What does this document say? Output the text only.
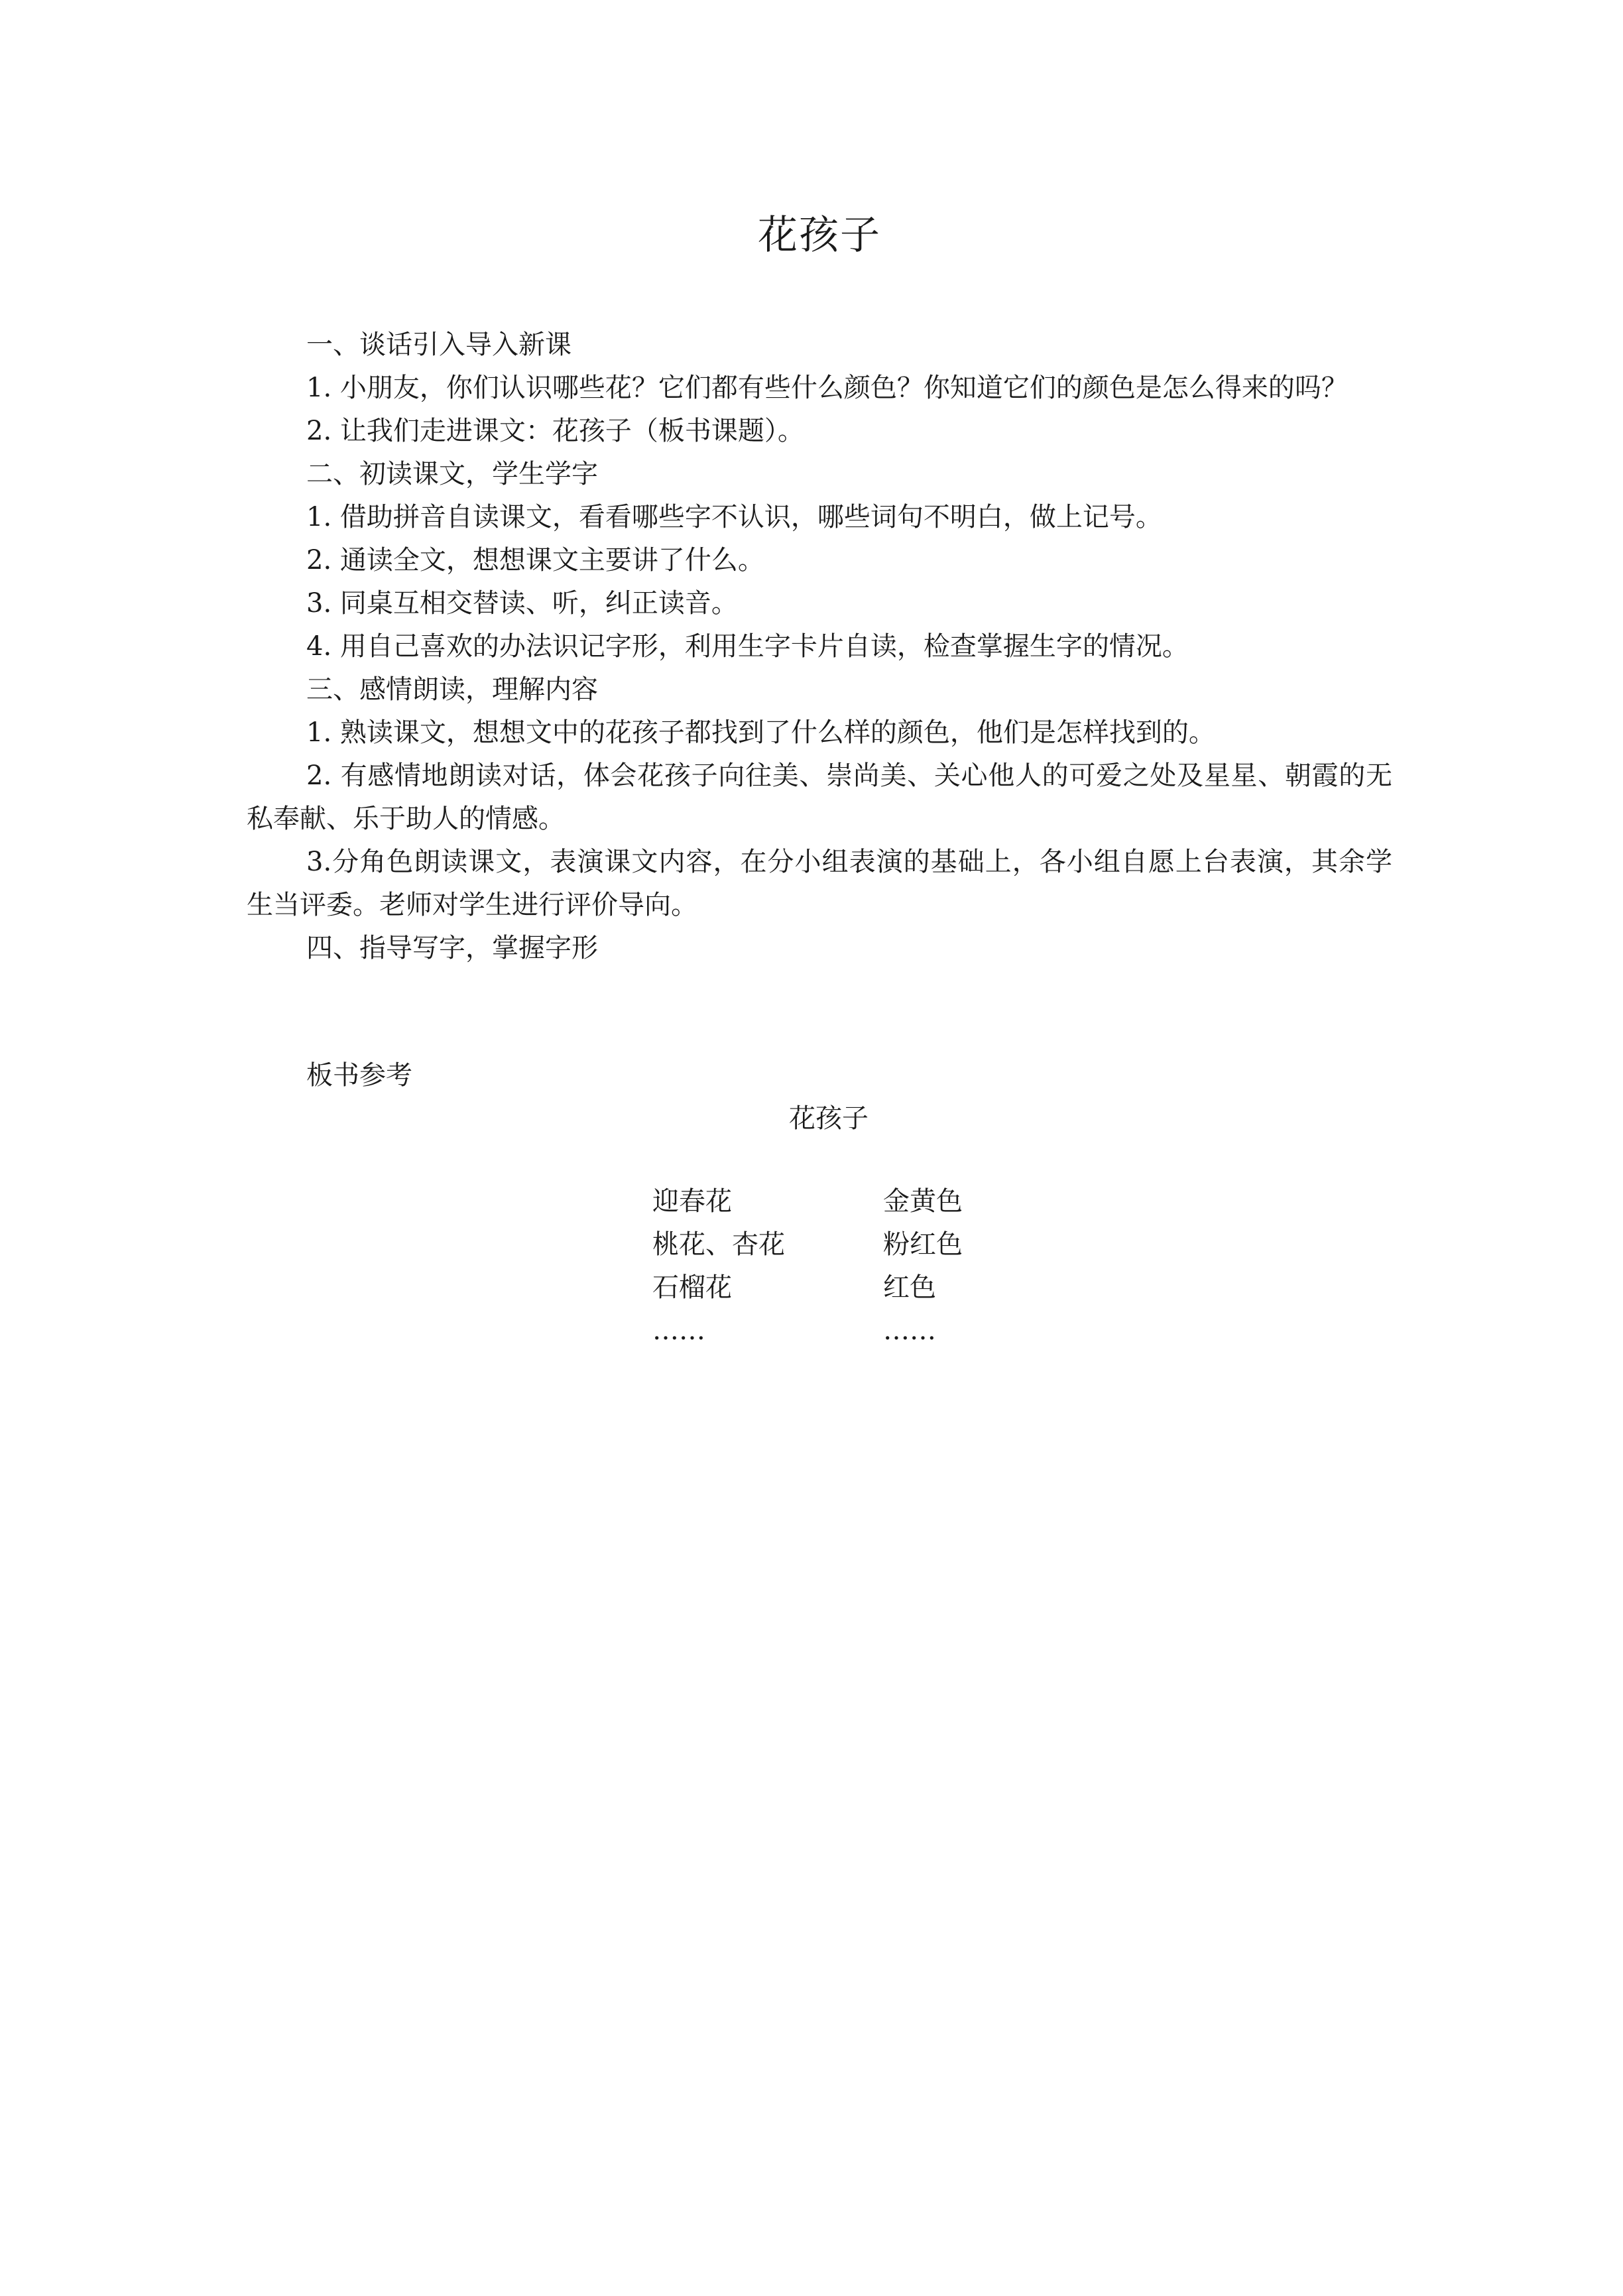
花孩子

一、谈话引入导入新课

1. 小朋友，你们认识哪些花？它们都有些什么颜色？你知道它们的颜色是怎么得来的吗？

2. 让我们走进课文：花孩子（板书课题）。

二、初读课文，学生学字

1. 借助拼音自读课文，看看哪些字不认识，哪些词句不明白，做上记号。

2. 通读全文，想想课文主要讲了什么。

3. 同桌互相交替读、听，纠正读音。

4. 用自己喜欢的办法识记字形，利用生字卡片自读，检查掌握生字的情况。

三、感情朗读，理解内容

1. 熟读课文，想想文中的花孩子都找到了什么样的颜色，他们是怎样找到的。

2. 有感情地朗读对话，体会花孩子向往美、崇尚美、关心他人的可爱之处及星星、朝霞的无私奉献、乐于助人的情感。

3.分角色朗读课文，表演课文内容，在分小组表演的基础上，各小组自愿上台表演，其余学生当评委。老师对学生进行评价导向。

四、指导写字，掌握字形

板书参考
花孩子
迎春花	金黄色
桃花、杏花	粉红色
石榴花	红色
……	……
